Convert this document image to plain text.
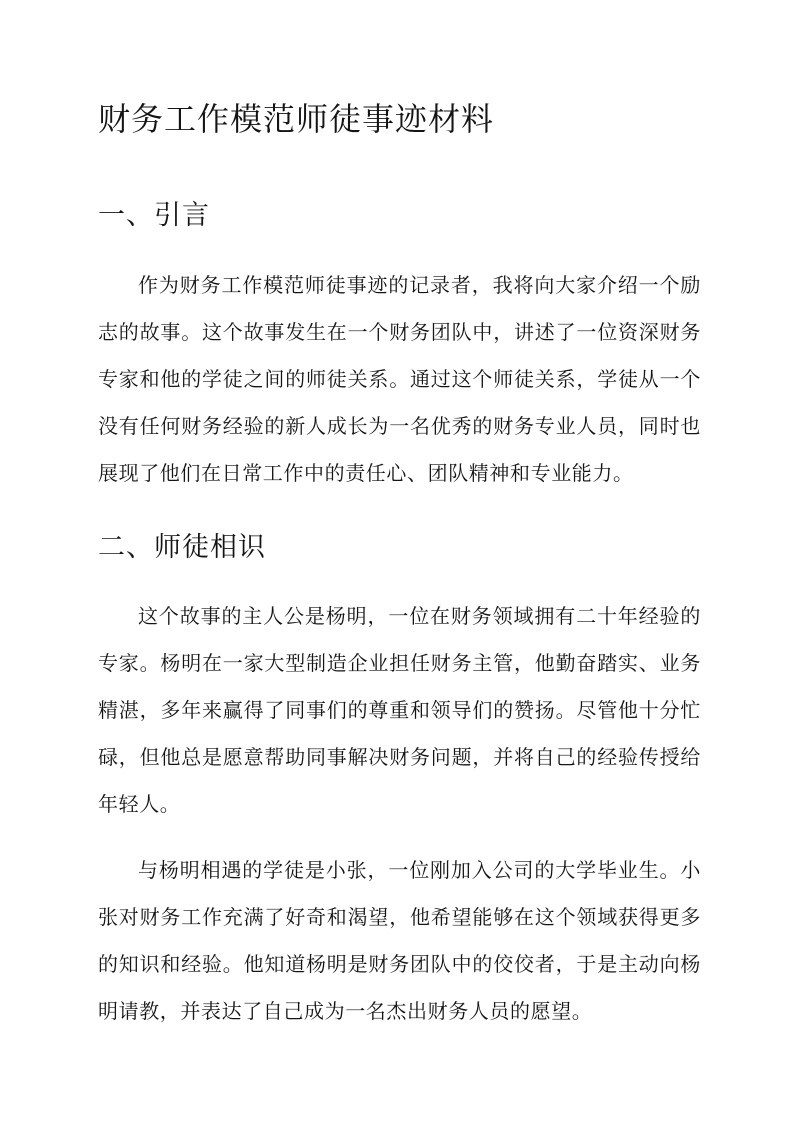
财务工作模范师徒事迹材料
一、引言

作为财务工作模范师徒事迹的记录者，我将向大家介绍一个励志的故事。这个故事发生在一个财务团队中，讲述了一位资深财务专家和他的学徒之间的师徒关系。通过这个师徒关系，学徒从一个没有任何财务经验的新人成长为一名优秀的财务专业人员，同时也展现了他们在日常工作中的责任心、团队精神和专业能力。

二、师徒相识

这个故事的主人公是杨明，一位在财务领域拥有二十年经验的专家。杨明在一家大型制造企业担任财务主管，他勤奋踏实、业务精湛，多年来赢得了同事们的尊重和领导们的赞扬。尽管他十分忙碌，但他总是愿意帮助同事解决财务问题，并将自己的经验传授给年轻人。

与杨明相遇的学徒是小张，一位刚加入公司的大学毕业生。小张对财务工作充满了好奇和渴望，他希望能够在这个领域获得更多的知识和经验。他知道杨明是财务团队中的佼佼者，于是主动向杨明请教，并表达了自己成为一名杰出财务人员的愿望。
